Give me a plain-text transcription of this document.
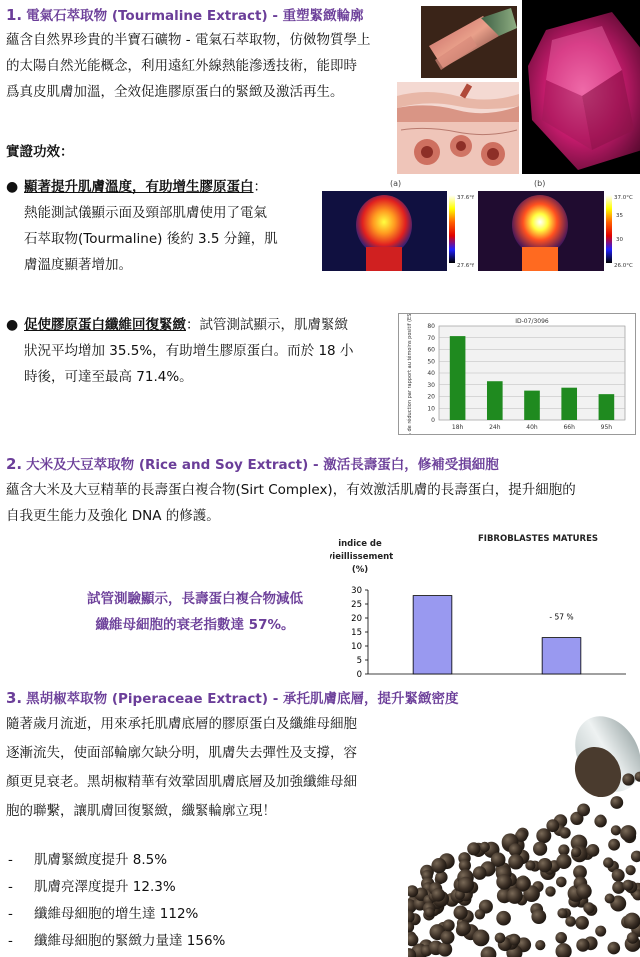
1. 電氣石萃取物 (Tourmaline Extract) - 重塑緊緻輪廓
蘊含自然界珍貴的半寶石礦物 - 電氣石萃取物，仿傚物質學上
的太陽自然光能概念，利用遠紅外線熱能滲透技術，能即時
爲真皮肌膚加溫，全效促進膠原蛋白的緊緻及激活再生。
實證功效：
● 顯著提升肌膚溫度，有助增生膠原蛋白：
熱能測試儀顯示面及頸部肌膚使用了電氣
石萃取物(Tourmaline) 後約 3.5 分鐘，肌
膚溫度顯著增加。
(a)	(b)
37.6°f
27.6°f
37.0°C
35
30
26.0°C
● 促使膠原蛋白纖維回復緊緻：試管測試顯示，肌膚緊緻
狀況平均增加 35.5%，有助增生膠原蛋白。而於 18 小
時後，可達至最高 71.4%。
ID-07/3096
0
10
20
30
40
50
60
70
80
% de réduction par rapport au témoins positif (ESA)	18h	24h	40h	66h	95h
2. 大米及大豆萃取物 (Rice and Soy Extract) - 激活長壽蛋白，修補受損細胞
蘊含大米及大豆精華的長壽蛋白複合物(Sirt Complex)，有效激活肌膚的長壽蛋白，提升細胞的
自我更生能力及強化 DNA 的修護。
試管測驗顯示，長壽蛋白複合物減低
纖維母細胞的衰老指數達 57%。
FIBROBLASTES MATURES
indice de
vieillissement
(%)
0
5
10
15
20
25
30
- 57 %
3. 黑胡椒萃取物 (Piperaceae Extract) - 承托肌膚底層，提升緊緻密度
隨著歲月流逝，用來承托肌膚底層的膠原蛋白及纖維母細胞
逐漸流失，使面部輪廓欠缺分明，肌膚失去彈性及支撐，容
顏更見衰老。黑胡椒精華有效鞏固肌膚底層及加強纖維母細
胞的聯繫，讓肌膚回復緊緻，纖緊輪廓立現！
- 肌膚緊緻度提升 8.5%
- 肌膚亮澤度提升 12.3%
- 纖維母細胞的增生達 112%
- 纖維母細胞的緊緻力量達 156%
